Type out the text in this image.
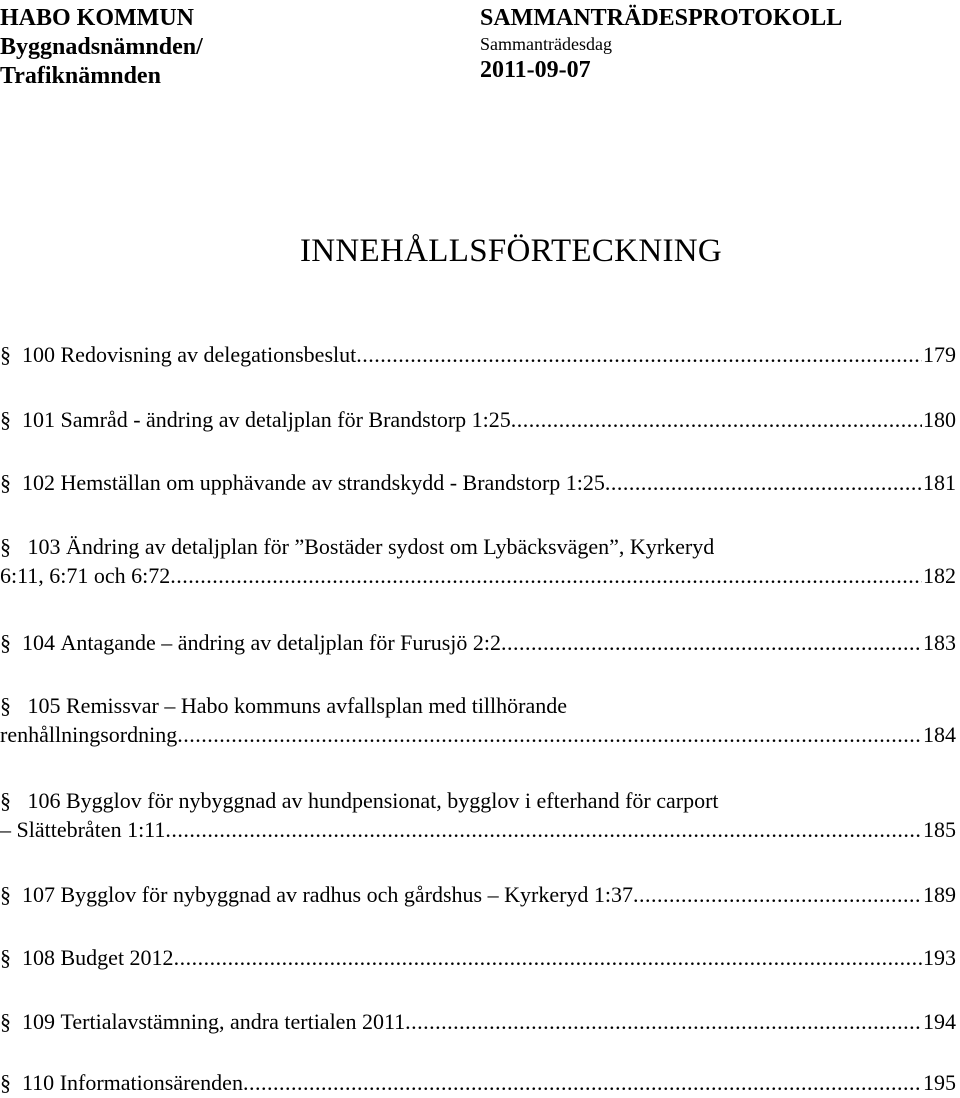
HABO KOMMUN
Byggnadsnämnden/
Trafiknämnden
SAMMANTRÄDESPROTOKOLL
Sammanträdesdag
2011-09-07
INNEHÅLLSFÖRTECKNING
§ 100
Redovisning av delegationsbeslut .....	179
§ 101
Samråd - ändring av detaljplan för Brandstorp 1:25 .....	180
§ 102
Hemställan om upphävande av strandskydd - Brandstorp 1:25 .....	181
§ 103 Ändring av detaljplan för ”Bostäder sydost om Lybäcksvägen”, Kyrkeryd
6:11, 6:71 och 6:72 .....	182
§ 104
Antagande – ändring av detaljplan för Furusjö 2:2 .....	183
§ 105 Remissvar – Habo kommuns avfallsplan med tillhörande
renhållningsordning .....	184
§ 106 Bygglov för nybyggnad av hundpensionat, bygglov i efterhand för carport
– Slättebråten 1:11 .....	185
§ 107
Bygglov för nybyggnad av radhus och gårdshus – Kyrkeryd 1:37 .....	189
§ 108
Budget 2012 .....	193
§ 109
Tertialavstämning, andra tertialen 2011 .....	194
§ 110
Informationsärenden .....	195
